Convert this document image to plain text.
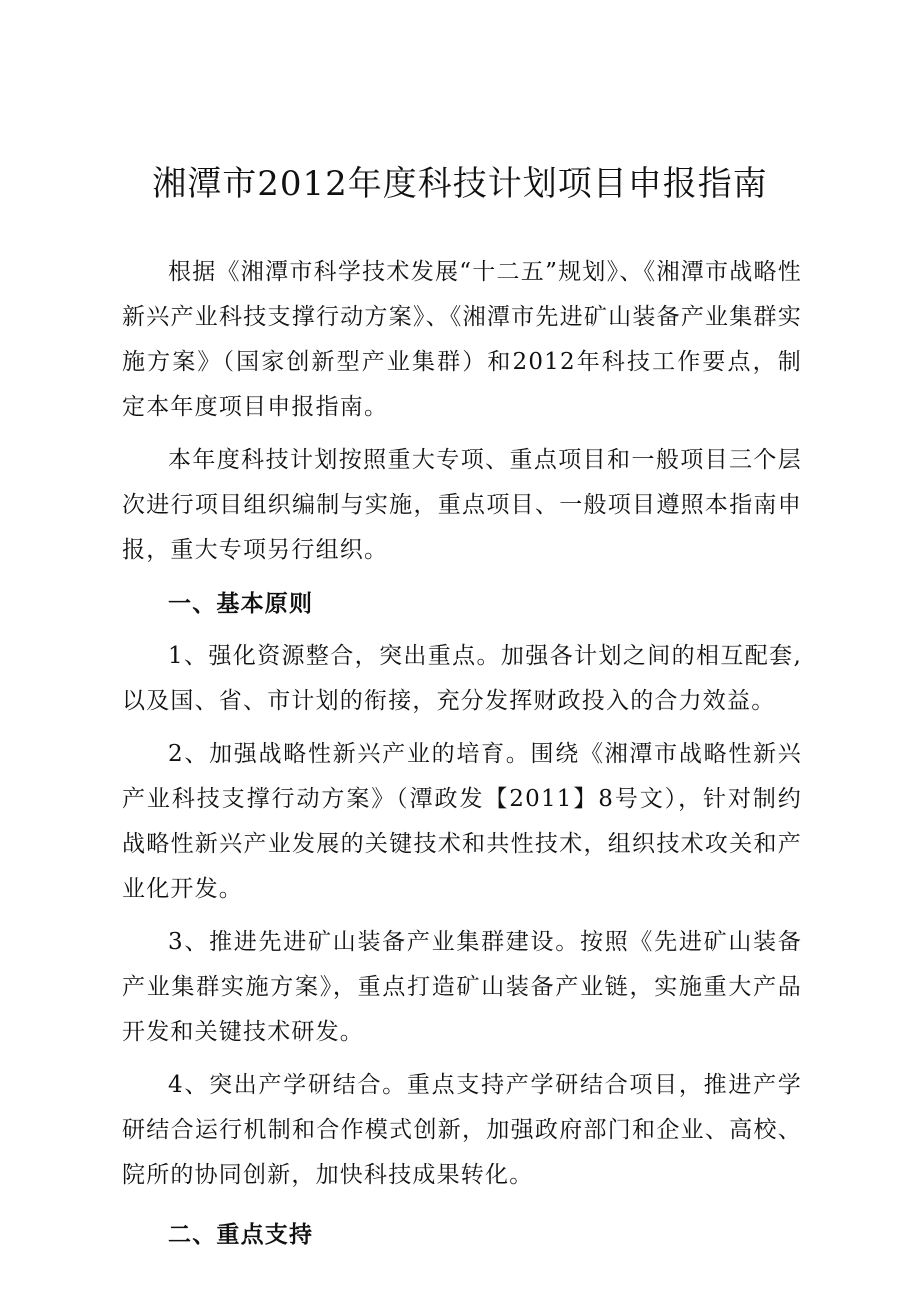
湘潭市2012年度科技计划项目申报指南

根据《湘潭市科学技术发展“十二五”规划》、《湘潭市战略性新兴产业科技支撑行动方案》、《湘潭市先进矿山装备产业集群实施方案》（国家创新型产业集群）和2012年科技工作要点，制定本年度项目申报指南。

本年度科技计划按照重大专项、重点项目和一般项目三个层次进行项目组织编制与实施，重点项目、一般项目遵照本指南申报，重大专项另行组织。

一、基本原则

1、强化资源整合，突出重点。加强各计划之间的相互配套,以及国、省、市计划的衔接，充分发挥财政投入的合力效益。

2、加强战略性新兴产业的培育。围绕《湘潭市战略性新兴产业科技支撑行动方案》（潭政发【2011】8号文），针对制约战略性新兴产业发展的关键技术和共性技术，组织技术攻关和产业化开发。

3、推进先进矿山装备产业集群建设。按照《先进矿山装备产业集群实施方案》，重点打造矿山装备产业链，实施重大产品开发和关键技术研发。

4、突出产学研结合。重点支持产学研结合项目，推进产学研结合运行机制和合作模式创新，加强政府部门和企业、高校、院所的协同创新，加快科技成果转化。

二、重点支持
